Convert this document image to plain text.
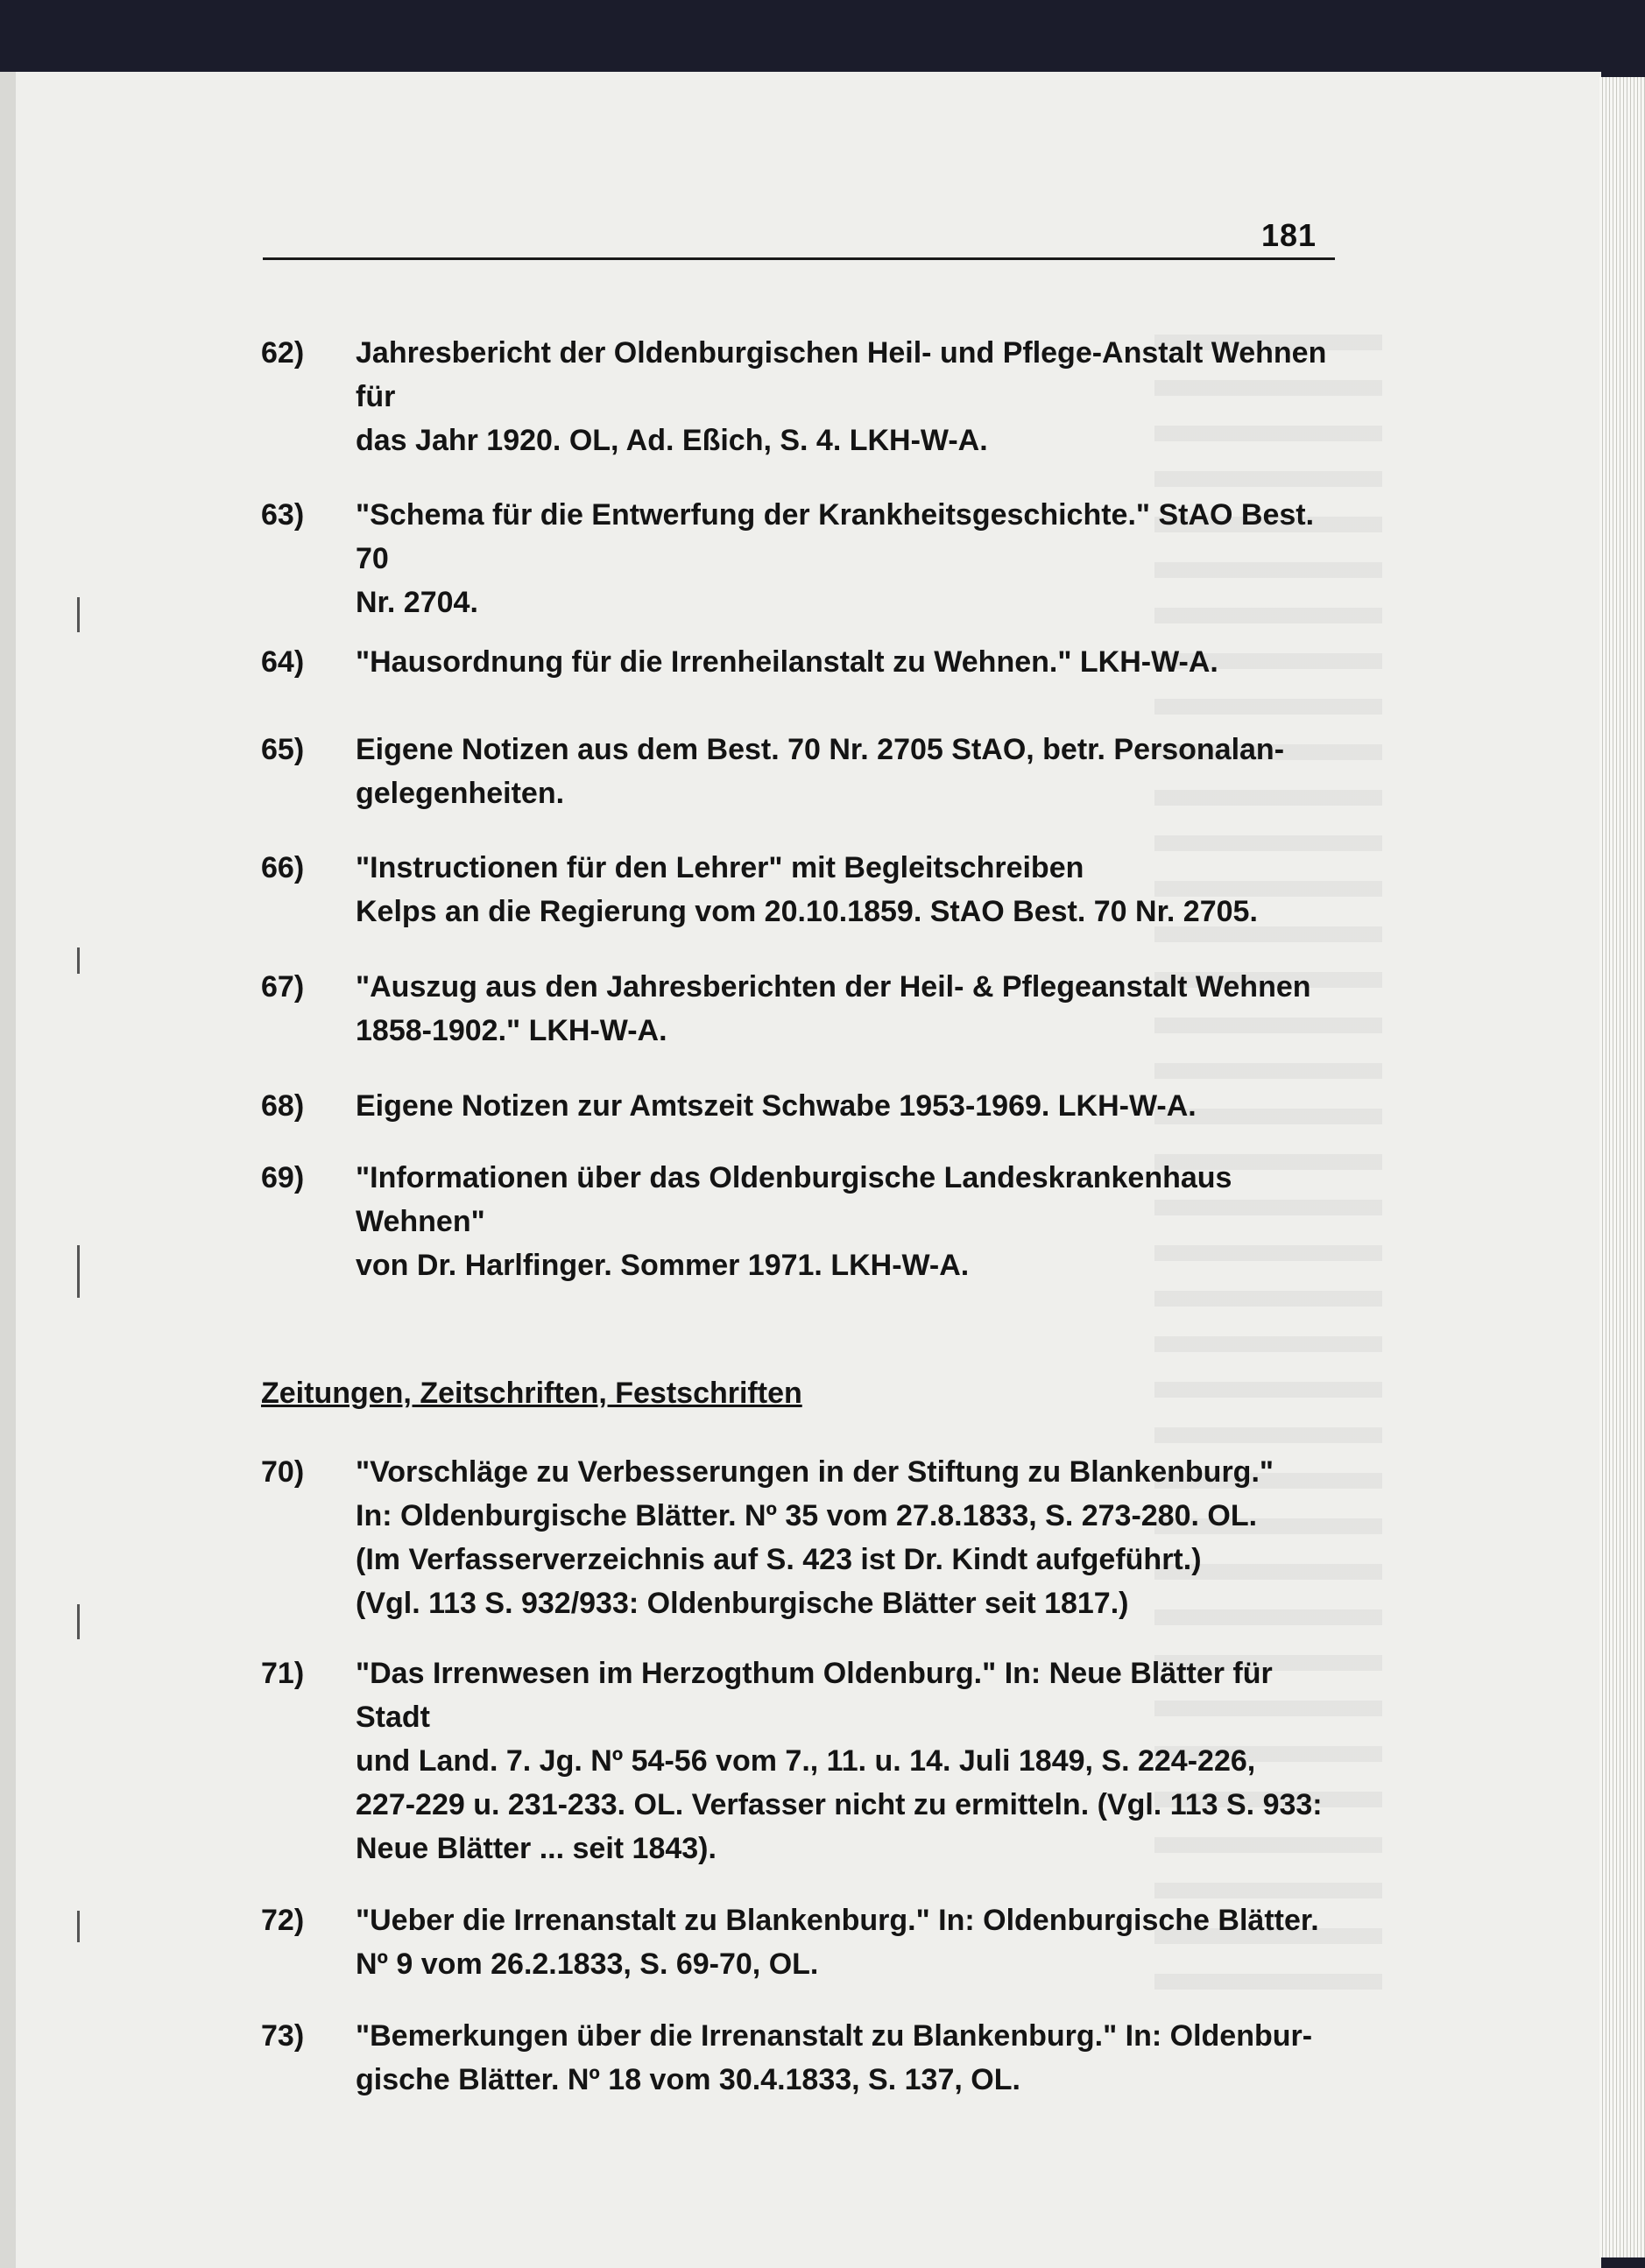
181
62) Jahresbericht der Oldenburgischen Heil- und Pflege-Anstalt Wehnen für
das Jahr 1920. OL, Ad. Eßich, S. 4. LKH-W-A.
63) "Schema für die Entwerfung der Krankheitsgeschichte." StAO Best. 70
Nr. 2704.
64) "Hausordnung für die Irrenheilanstalt zu Wehnen." LKH-W-A.
65) Eigene Notizen aus dem Best. 70 Nr. 2705 StAO, betr. Personalan-
gelegenheiten.
66) "Instructionen für den Lehrer" mit Begleitschreiben
Kelps an die Regierung vom 20.10.1859. StAO Best. 70 Nr. 2705.
67) "Auszug aus den Jahresberichten der Heil- & Pflegeanstalt Wehnen
1858-1902." LKH-W-A.
68) Eigene Notizen zur Amtszeit Schwabe 1953-1969. LKH-W-A.
69) "Informationen über das Oldenburgische Landeskrankenhaus Wehnen"
von Dr. Harlfinger. Sommer 1971. LKH-W-A.
Zeitungen, Zeitschriften, Festschriften
70) "Vorschläge zu Verbesserungen in der Stiftung zu Blankenburg."
In: Oldenburgische Blätter. Nº 35 vom 27.8.1833, S. 273-280. OL.
(Im Verfasserverzeichnis auf S. 423 ist Dr. Kindt aufgeführt.)
(Vgl. 113 S. 932/933: Oldenburgische Blätter seit 1817.)
71) "Das Irrenwesen im Herzogthum Oldenburg." In: Neue Blätter für Stadt
und Land. 7. Jg. Nº 54-56 vom 7., 11. u. 14. Juli 1849, S. 224-226,
227-229 u. 231-233. OL. Verfasser nicht zu ermitteln. (Vgl. 113 S. 933:
Neue Blätter ... seit 1843).
72) "Ueber die Irrenanstalt zu Blankenburg." In: Oldenburgische Blätter.
Nº 9 vom 26.2.1833, S. 69-70, OL.
73) "Bemerkungen über die Irrenanstalt zu Blankenburg." In: Oldenbur-
gische Blätter. Nº 18 vom 30.4.1833, S. 137, OL.
